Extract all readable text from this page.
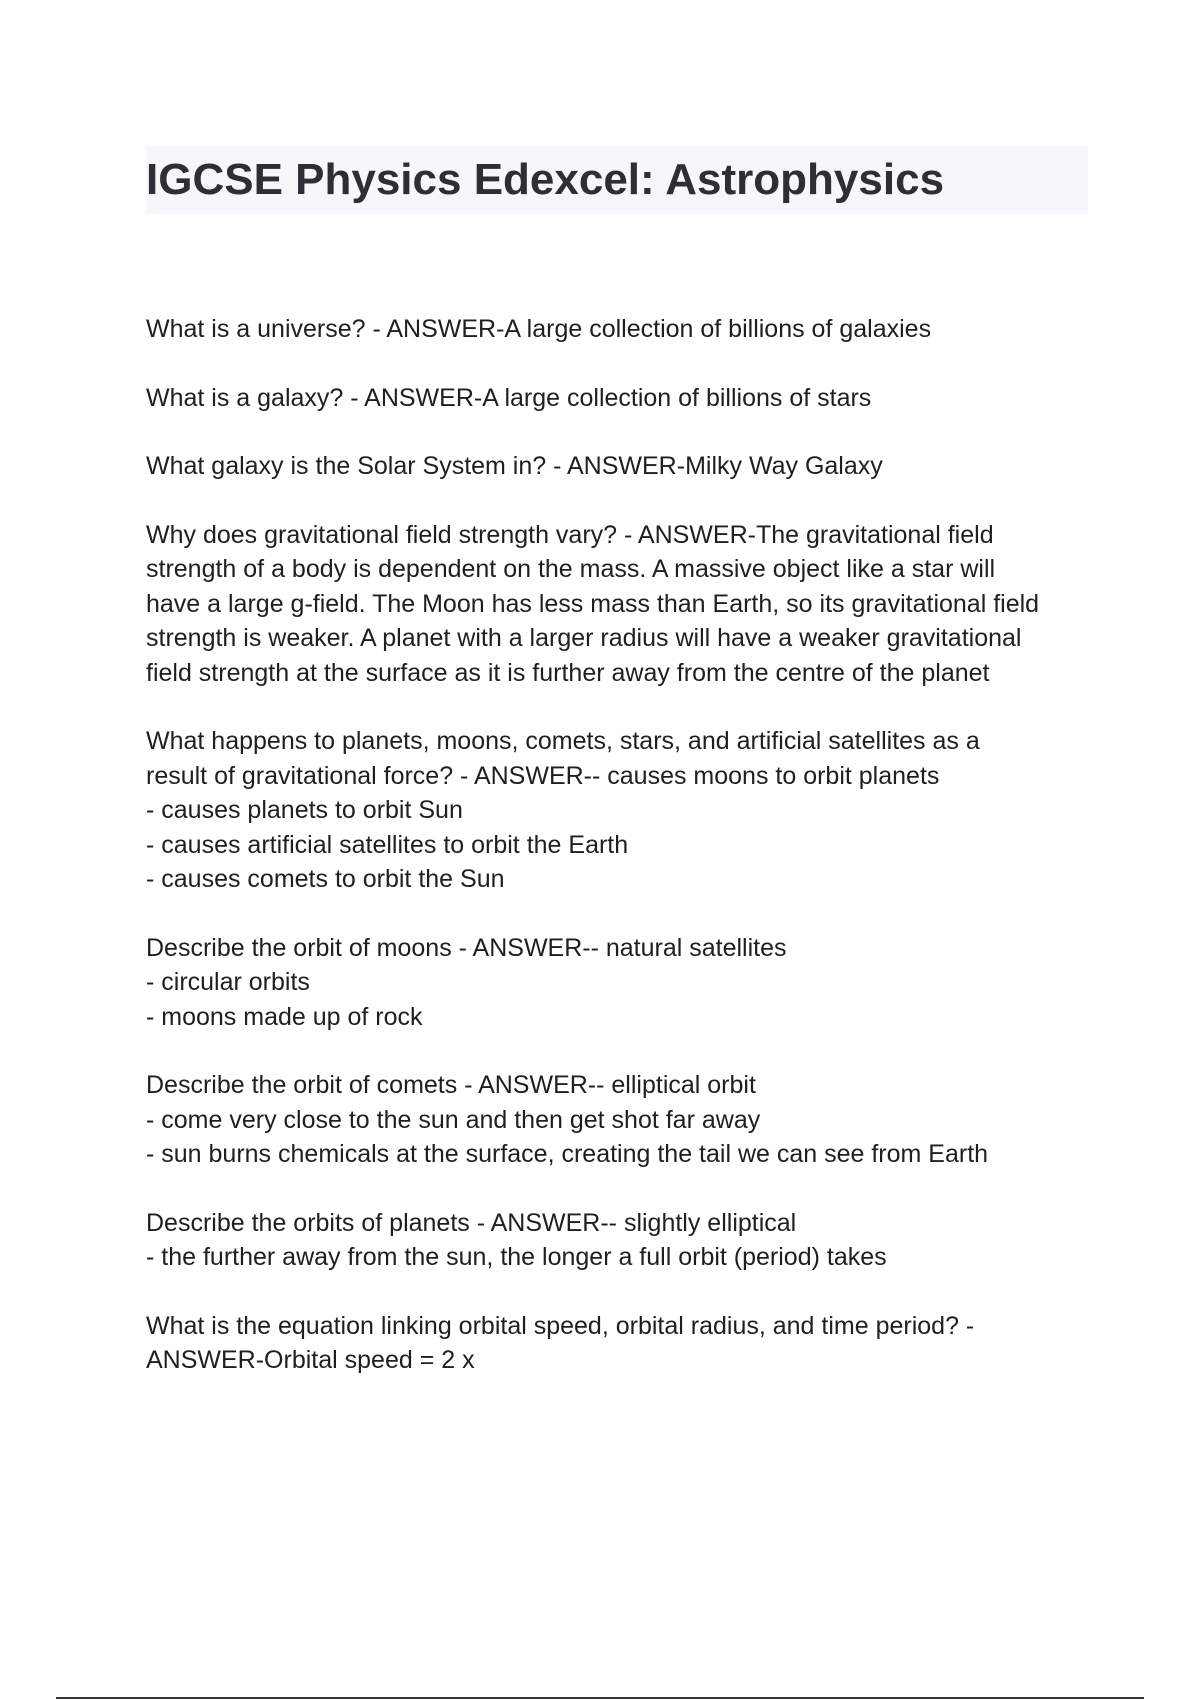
IGCSE Physics Edexcel: Astrophysics

What is a universe? - ANSWER-A large collection of billions of galaxies

What is a galaxy? - ANSWER-A large collection of billions of stars

What galaxy is the Solar System in? - ANSWER-Milky Way Galaxy

Why does gravitational field strength vary? - ANSWER-The gravitational field
strength of a body is dependent on the mass. A massive object like a star will
have a large g-field. The Moon has less mass than Earth, so its gravitational field
strength is weaker. A planet with a larger radius will have a weaker gravitational
field strength at the surface as it is further away from the centre of the planet

What happens to planets, moons, comets, stars, and artificial satellites as a
result of gravitational force? - ANSWER-- causes moons to orbit planets
- causes planets to orbit Sun
- causes artificial satellites to orbit the Earth
- causes comets to orbit the Sun

Describe the orbit of moons - ANSWER-- natural satellites
- circular orbits
- moons made up of rock

Describe the orbit of comets - ANSWER-- elliptical orbit
- come very close to the sun and then get shot far away
- sun burns chemicals at the surface, creating the tail we can see from Earth

Describe the orbits of planets - ANSWER-- slightly elliptical
- the further away from the sun, the longer a full orbit (period) takes

What is the equation linking orbital speed, orbital radius, and time period? -
ANSWER-Orbital speed = 2 x
